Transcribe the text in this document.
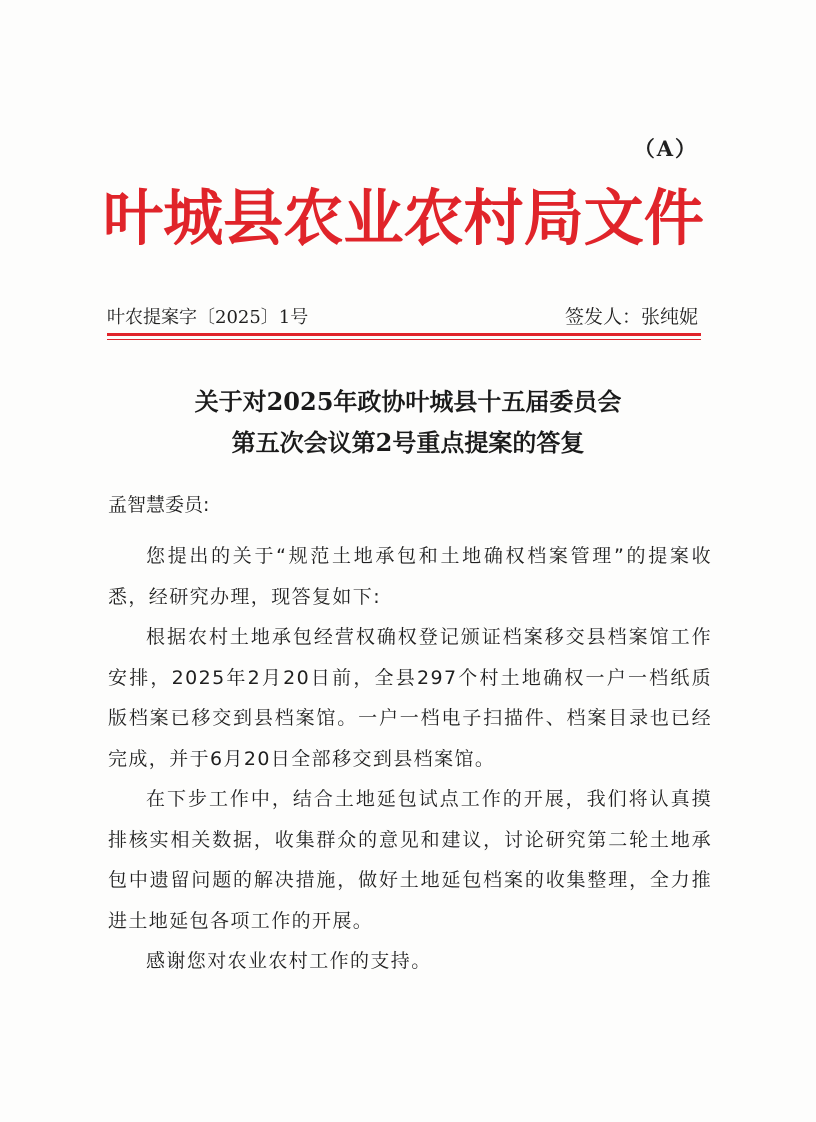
（A）
叶城县农业农村局文件
叶农提案字〔2025〕1号	签发人：张纯妮
关于对2025年政协叶城县十五届委员会
第五次会议第2号重点提案的答复
孟智慧委员:

您提出的关于“规范土地承包和土地确权档案管理”的提案收悉，经研究办理，现答复如下:

根据农村土地承包经营权确权登记颁证档案移交县档案馆工作安排，2025年2月20日前，全县297个村土地确权一户一档纸质版档案已移交到县档案馆。一户一档电子扫描件、档案目录也已经完成，并于6月20日全部移交到县档案馆。

在下步工作中，结合土地延包试点工作的开展，我们将认真摸排核实相关数据，收集群众的意见和建议，讨论研究第二轮土地承包中遗留问题的解决措施，做好土地延包档案的收集整理，全力推进土地延包各项工作的开展。

感谢您对农业农村工作的支持。
